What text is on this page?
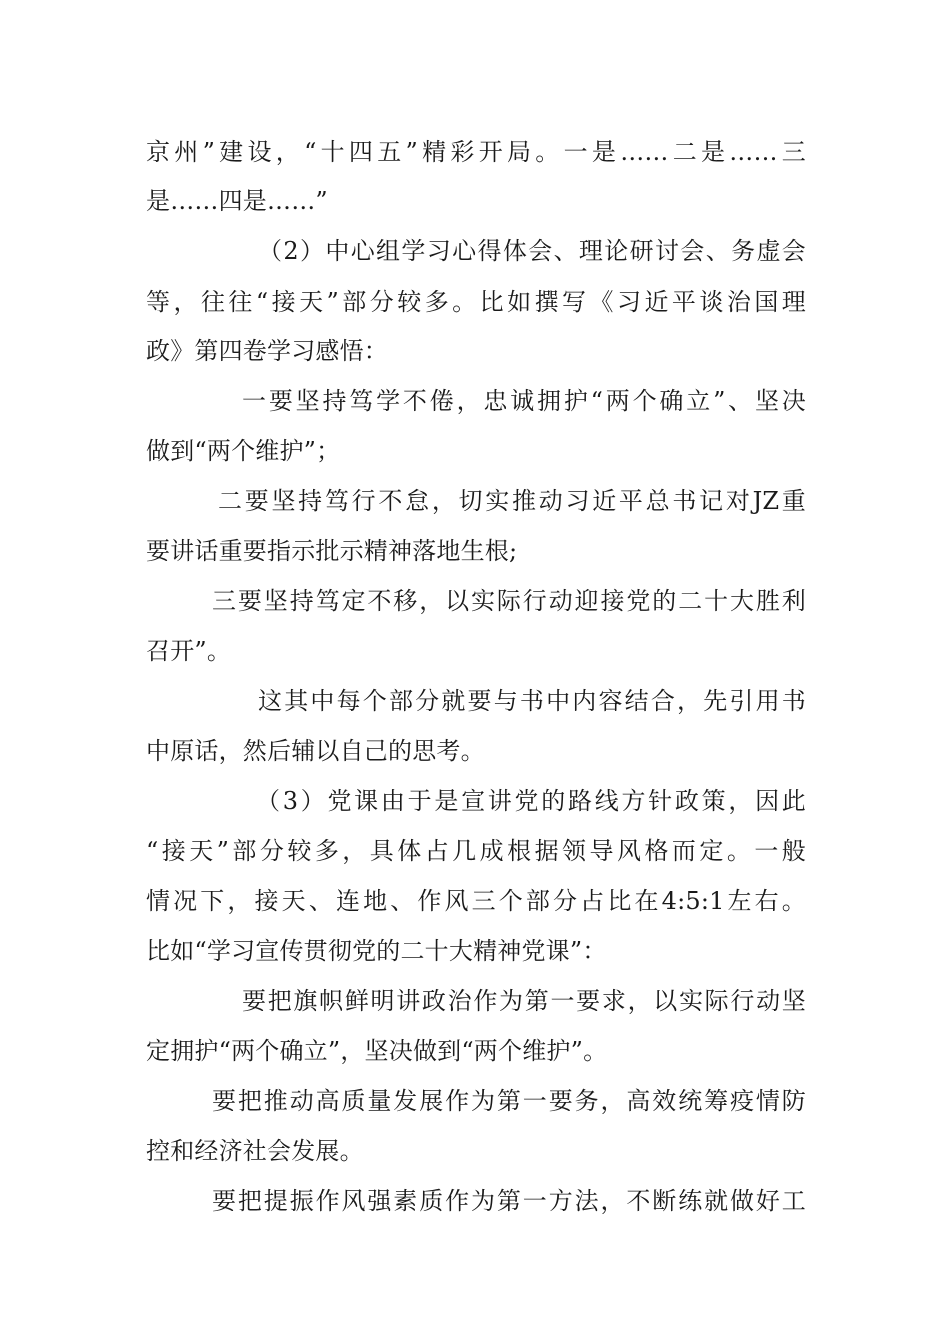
京州”建设，“十四五”精彩开局。一是……二是……三
是……四是……”
（2）中心组学习心得体会、理论研讨会、务虚会
等，往往“接天”部分较多。比如撰写《习近平谈治国理
政》第四卷学习感悟：
一要坚持笃学不倦，忠诚拥护“两个确立”、坚决
做到“两个维护”；
二要坚持笃行不怠，切实推动习近平总书记对JZ重
要讲话重要指示批示精神落地生根;
三要坚持笃定不移，以实际行动迎接党的二十大胜利
召开”。
这其中每个部分就要与书中内容结合，先引用书
中原话，然后辅以自己的思考。
（3）党课由于是宣讲党的路线方针政策，因此
“接天”部分较多，具体占几成根据领导风格而定。一般
情况下，接天、连地、作风三个部分占比在4:5:1左右。
比如“学习宣传贯彻党的二十大精神党课”：
要把旗帜鲜明讲政治作为第一要求，以实际行动坚
定拥护“两个确立”，坚决做到“两个维护”。
要把推动高质量发展作为第一要务，高效统筹疫情防
控和经济社会发展。
要把提振作风强素质作为第一方法，不断练就做好工
